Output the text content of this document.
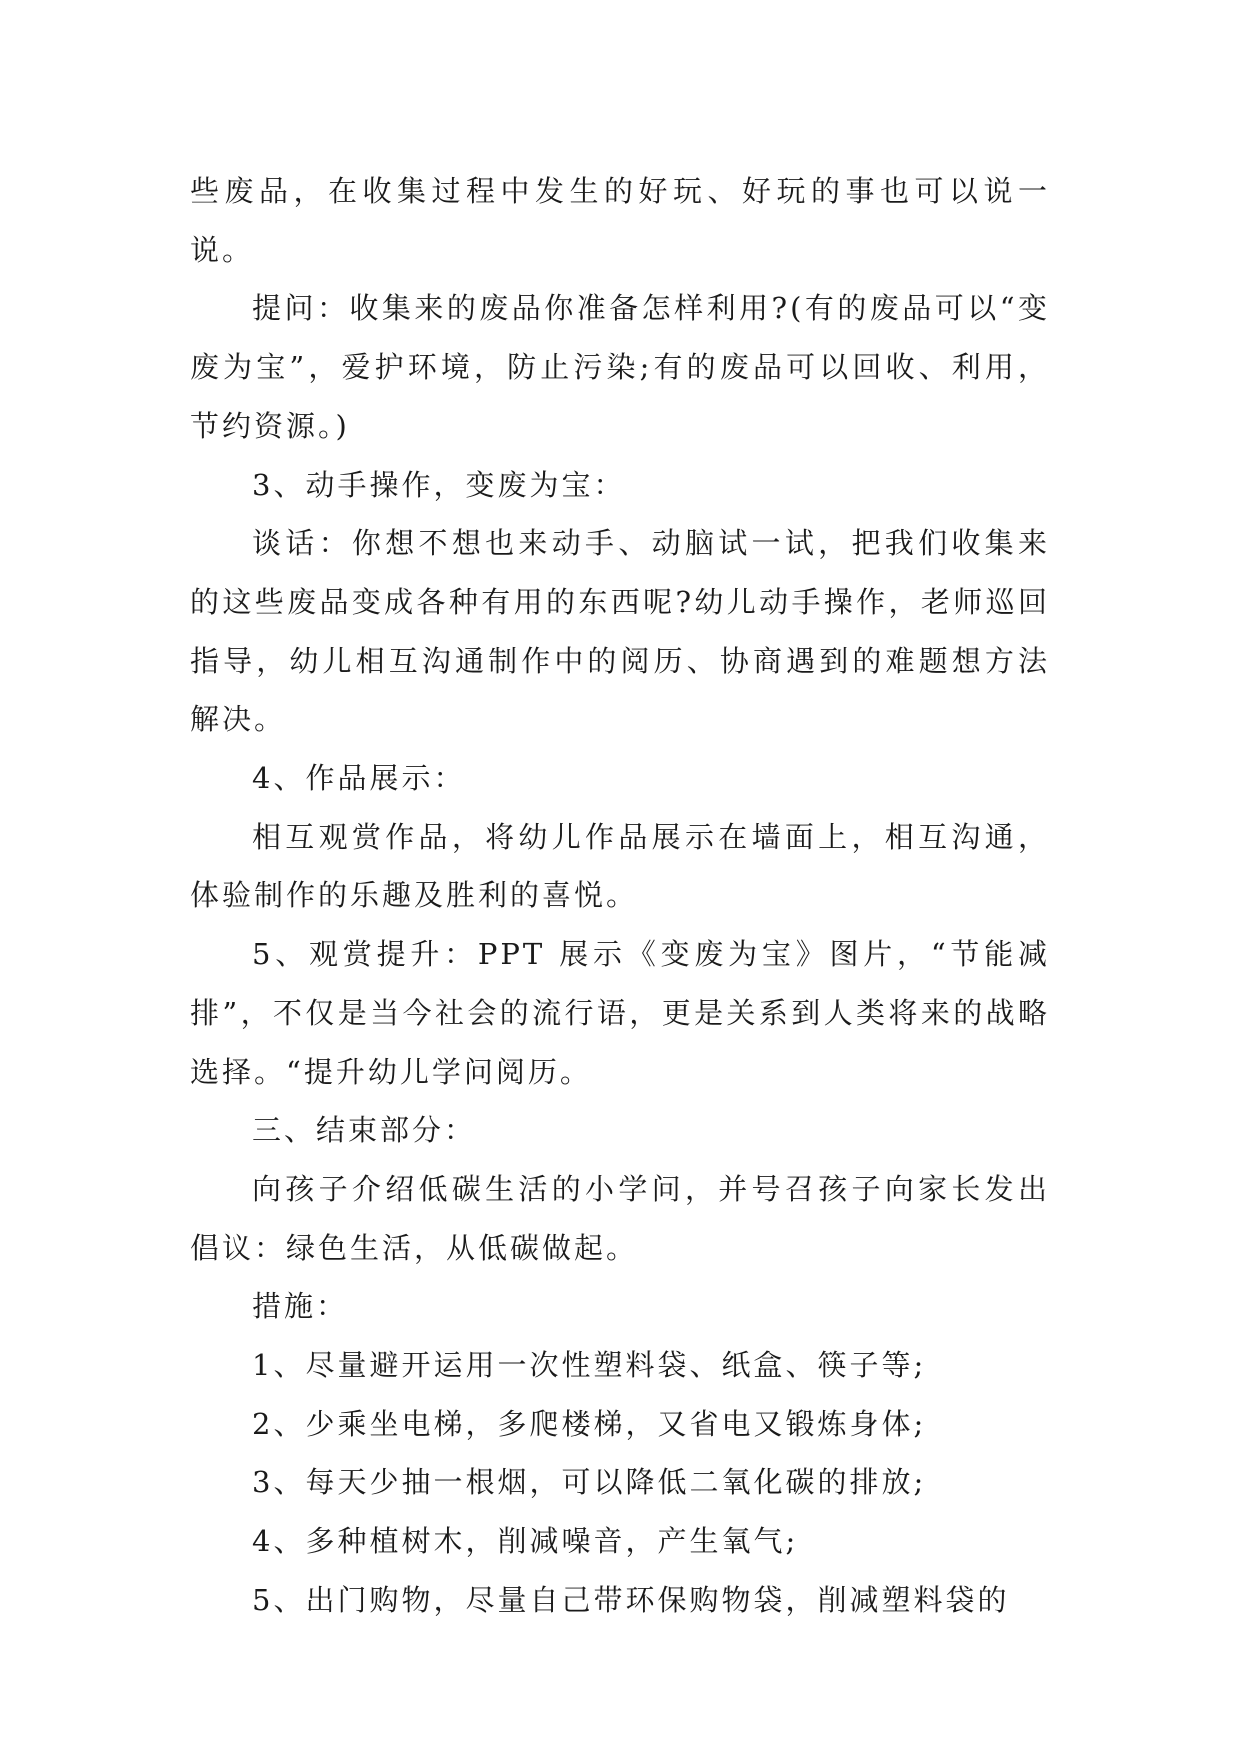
些废品，在收集过程中发生的好玩、好玩的事也可以说一说。

提问：收集来的废品你准备怎样利用?(有的废品可以“变废为宝”，爱护环境，防止污染;有的废品可以回收、利用，节约资源。)

3、动手操作，变废为宝：

谈话：你想不想也来动手、动脑试一试，把我们收集来的这些废品变成各种有用的东西呢?幼儿动手操作，老师巡回指导，幼儿相互沟通制作中的阅历、协商遇到的难题想方法解决。

4、作品展示：

相互观赏作品，将幼儿作品展示在墙面上，相互沟通，体验制作的乐趣及胜利的喜悦。

5、观赏提升：PPT 展示《变废为宝》图片，“节能减排”，不仅是当今社会的流行语，更是关系到人类将来的战略选择。“提升幼儿学问阅历。

三、结束部分：

向孩子介绍低碳生活的小学问，并号召孩子向家长发出倡议：绿色生活，从低碳做起。

措施：

1、尽量避开运用一次性塑料袋、纸盒、筷子等;

2、少乘坐电梯，多爬楼梯，又省电又锻炼身体;

3、每天少抽一根烟，可以降低二氧化碳的排放;

4、多种植树木，削减噪音，产生氧气;

5、出门购物，尽量自己带环保购物袋，削减塑料袋的
